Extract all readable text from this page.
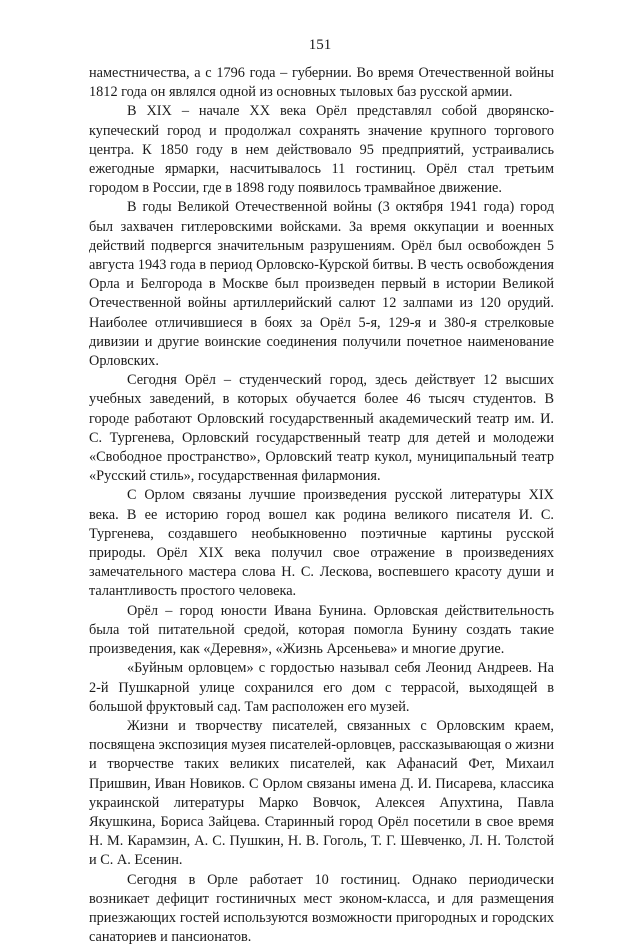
151

наместничества, а с 1796 года – губернии. Во время Отечественной войны 1812 года он являлся одной из основных тыловых баз русской армии.

В XIX – начале XX века Орёл представлял собой дворянско-купеческий город и продолжал сохранять значение крупного торгового центра. К 1850 году в нем действовало 95 предприятий, устраивались ежегодные ярмарки, насчитывалось 11 гостиниц. Орёл стал третьим городом в России, где в 1898 году появилось трамвайное движение.

В годы Великой Отечественной войны (3 октября 1941 года) город был захвачен гитлеровскими войсками. За время оккупации и военных действий подвергся значительным разрушениям. Орёл был освобожден 5 августа 1943 года в период Орловско-Курской битвы. В честь освобождения Орла и Белгорода в Москве был произведен первый в истории Великой Отечественной войны артиллерийский салют 12 залпами из 120 орудий. Наиболее отличившиеся в боях за Орёл 5-я, 129-я и 380-я стрелковые дивизии и другие воинские соединения получили почетное наименование Орловских.

Сегодня Орёл – студенческий город, здесь действует 12 высших учебных заведений, в которых обучается более 46 тысяч студентов. В городе работают Орловский государственный академический театр им. И. С. Тургенева, Орловский государственный театр для детей и молодежи «Свободное пространство», Орловский театр кукол, муниципальный театр «Русский стиль», государственная филармония.

С Орлом связаны лучшие произведения русской литературы XIX века. В ее историю город вошел как родина великого писателя И. С. Тургенева, создавшего необыкновенно поэтичные картины русской природы. Орёл XIX века получил свое отражение в произведениях замечательного мастера слова Н. С. Лескова, воспевшего красоту души и талантливость простого человека.

Орёл – город юности Ивана Бунина. Орловская действительность была той питательной средой, которая помогла Бунину создать такие произведения, как «Деревня», «Жизнь Арсеньева» и многие другие.

«Буйным орловцем» с гордостью называл себя Леонид Андреев. На 2-й Пушкарной улице сохранился его дом с террасой, выходящей в большой фруктовый сад. Там расположен его музей.

Жизни и творчеству писателей, связанных с Орловским краем, посвящена экспозиция музея писателей-орловцев, рассказывающая о жизни и творчестве таких великих писателей, как Афанасий Фет, Михаил Пришвин, Иван Новиков. С Орлом связаны имена Д. И. Писарева, классика украинской литературы Марко Вовчок, Алексея Апухтина, Павла Якушкина, Бориса Зайцева. Старинный город Орёл посетили в свое время Н. М. Карамзин, А. С. Пушкин, Н. В. Гоголь, Т. Г. Шевченко, Л. Н. Толстой и С. А. Есенин.

Сегодня в Орле работает 10 гостиниц. Однако периодически возникает дефицит гостиничных мест эконом-класса, и для размещения приезжающих гостей используются возможности пригородных и городских санаториев и пансионатов.
